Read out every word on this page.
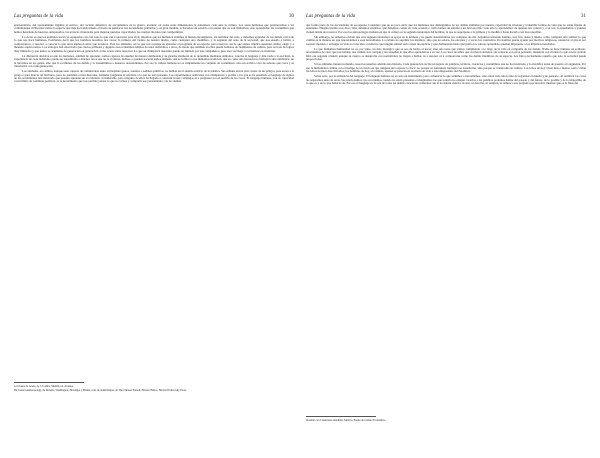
Las preguntas de la vida	30

gastronómica, del apareamiento lúgubre al erótico, del rociado defensivo de excrementos en la guerra, etcétera: en todas estas dimensiones la naturaleza cede ante la cultura. Los seres humanos que pertenecemos a las comunidades civilizadas somos la especie que más ha transformado el modo de satisfacer sus necesidades primarias y, en gran medida, lo hacemos de acuerdo con pautas que no son instintivas, sino aprendidas: las costumbres que hemos heredado de nuestros antepasados, las técnicas inventadas para mejorar nuestras capacidades, las normas morales que compartimos.

Lo cierto es que los animales nacen ya equipados con casi todo lo que van a necesitar para vivir, mientras que los humanos venimos al mundo incompletos, sin terminar del todo, y debemos aprender de los demás casi todo lo que nos hace humanos. Podríamos decir que los hombres nacemos dos veces: la primera del vientre de nuestra madre, como cualquier otro mamífero, y la segunda del seno de la sociedad, que nos enseña a hablar, a comportarnos, a razonar, a conocer lo que otros supieron antes que nosotros. Para los animales, ser lo que son consiste en ajustarse al programa de su especie; para nosotros, ser lo que somos implica aprender, imitar, elegir y a menudo equivocarnos. Los etólogos han observado que ciertos primates y algunas aves transmiten hábitos de unos individuos a otros, de modo que también en ellos puede hablarse de rudimentos de cultura, pero se trata de logros muy limitados y que nunca se acumulan de generación en generación como ocurre entre nosotros. Lo que un chimpancé descubre puede ser imitado por sus compañeros, pero rara vez llega a convertirse en tradición.

La diferencia decisiva es que los humanos, además de aprender, somos capaces de enseñar de manera deliberada y de guardar memoria de lo aprendido mediante símbolos. Gracias al lenguaje y más tarde a la escritura, la experiencia de cada individuo puede ser transmitida a muchos otros que no la vivieron, incluso a quienes nacerán siglos después. Así se forma lo que llamamos tradición, que es como una herencia no biológica sino simbólica: no la llevamos en los genes, sino que la recibimos de los demás y la transmitimos a nuestros descendientes. Por eso la cultura humana no es simplemente un conjunto de costumbres, sino un archivo vivo de saberes que crece y se transforma con cada generación.

Los animales, en cambio, aunque sean capaces de comunicarse entre sí mediante gestos, sonidos o señales químicas, no hablan en el sentido estricto de la palabra. Sus señales sirven para avisar de un peligro, para atraer a la pareja o para marcar un territorio, pero no permiten contar historias, formular preguntas ni referirse a lo que no está presente. Los experimentos realizados con chimpancés y gorilas a los que se ha enseñado el lenguaje de signos de los sordomudos han mostrado que pueden aprender un vocabulario considerable, pero ninguno de ellos ha llegado a construir frases complejas ni a preguntar por el sentido de las cosas. El lenguaje humano, con su capacidad casi infinita de combinar palabras, es la herramienta que nos permite pensar lo que no vemos y compartir ese pensamiento con los demás.

Lecciones de Lewis, de J. Combs, Madrid, ed. Acantos.

De Cuenca Anthropology, de Roberts, Washington, Howinger y Braine, trad. de Adam Kuper, en The Chinese Pattern, Harvard Mass., Harvard University Press.

Las preguntas de la vida	31

que forma parte de las necesidades de su especie. Considero que no es poco decir que los humanos nos distinguimos de los demás animales por nuestra capacidad de inventar y transmitir formas de vida que no están fijadas de antemano. Ningún instinto nos dice cómo debemos vestirnos, qué debemos comer en cada ocasión o cómo hemos de saludar a un desconocido: todo ello lo aprendemos de quienes nos rodean y, a su vez, lo enseñamos a quienes vienen detrás de nosotros. Por eso los antropólogos insisten en que la cultura es la segunda naturaleza del hombre, la que se superpone a la primera y la modifica hasta hacerla casi irreconocible.

Sin embargo, no debemos olvidar que esta segunda naturaleza se apoya en la primera y no puede desentenderse por completo de ella. Seguimos teniendo hambre, sed, frío, deseo y miedo, como cualquier otro animal; lo que cambia es la manera en que respondemos a esas necesidades. La cultura no suprime los instintos, sino que los educa, los encauza y a veces los contradice. Un hombre puede ayunar por motivos religiosos, renunciar al placer por razones morales o arriesgar su vida por una idea: conductas que ningún animal sería capaz de explicar y que demuestran hasta qué punto los valores aprendidos pueden imponerse a los impulsos heredados.

Lo que llamamos humanidad no es, por tanto, un dato biológico que se nos da hecho al nacer, sino una tarea que vamos cumpliendo a lo largo de la vida en compañía de los demás. Nadie se hace humano en solitario: necesitamos de otros que nos hablen, nos cuiden, nos corrijan y nos enseñen lo que ellos aprendieron a su vez. Los casos de niños que crecieron aislados, sin contacto con otras personas, muestran con crudeza lo que ocurre cuando falta esa segunda crianza: aunque su cuerpo se desarrolle con normalidad, no llegan a hablar, ni a razonar, ni a comportarse como los demás miembros de su especie. Les falta precisamente aquello que solo la sociedad puede proporcionar.

Si los animales tienen un mundo, nosotros tenemos además una historia. Cada generación recibe un legado de palabras, técnicas, creencias y costumbres que no ha inventado, y lo modifica antes de pasarlo a la siguiente. Por eso la humanidad cambia con el tiempo de un modo en que ninguna otra especie lo hace: no porque su naturaleza biológica se transforme, sino porque se transforma su cultura. Los lobos de hoy viven más o menos como vivían los lobos de hace diez mil años; los hombres de hoy, en cambio, apenas se parecen en su modo de vida a sus antepasados del Neolítico.

Sobre todo, por la existencia del lenguaje. El lenguaje humano no es solo un instrumento para comunicar lo que sentimos o necesitamos, sino sobre todo una forma de organizar el mundo y de pensarlo. Al nombrar las cosas las separamos unas de otras, las relacionamos, las recordamos cuando no están presentes e imaginamos las que todavía no existen. Gracias a las palabras podemos hablar del pasado y del futuro, de lo posible y de lo imposible, de lo que es y de lo que debería ser. Por eso el lenguaje es la raíz de todas las demás creaciones culturales: sin él no habría ciencia, ni arte, ni derecho, ni religión, ni tampoco esa pregunta por nosotros mismos que es la filosofía.

Instituto con Cuestiones atendidas, México, Fondo de Cultura Económica.
